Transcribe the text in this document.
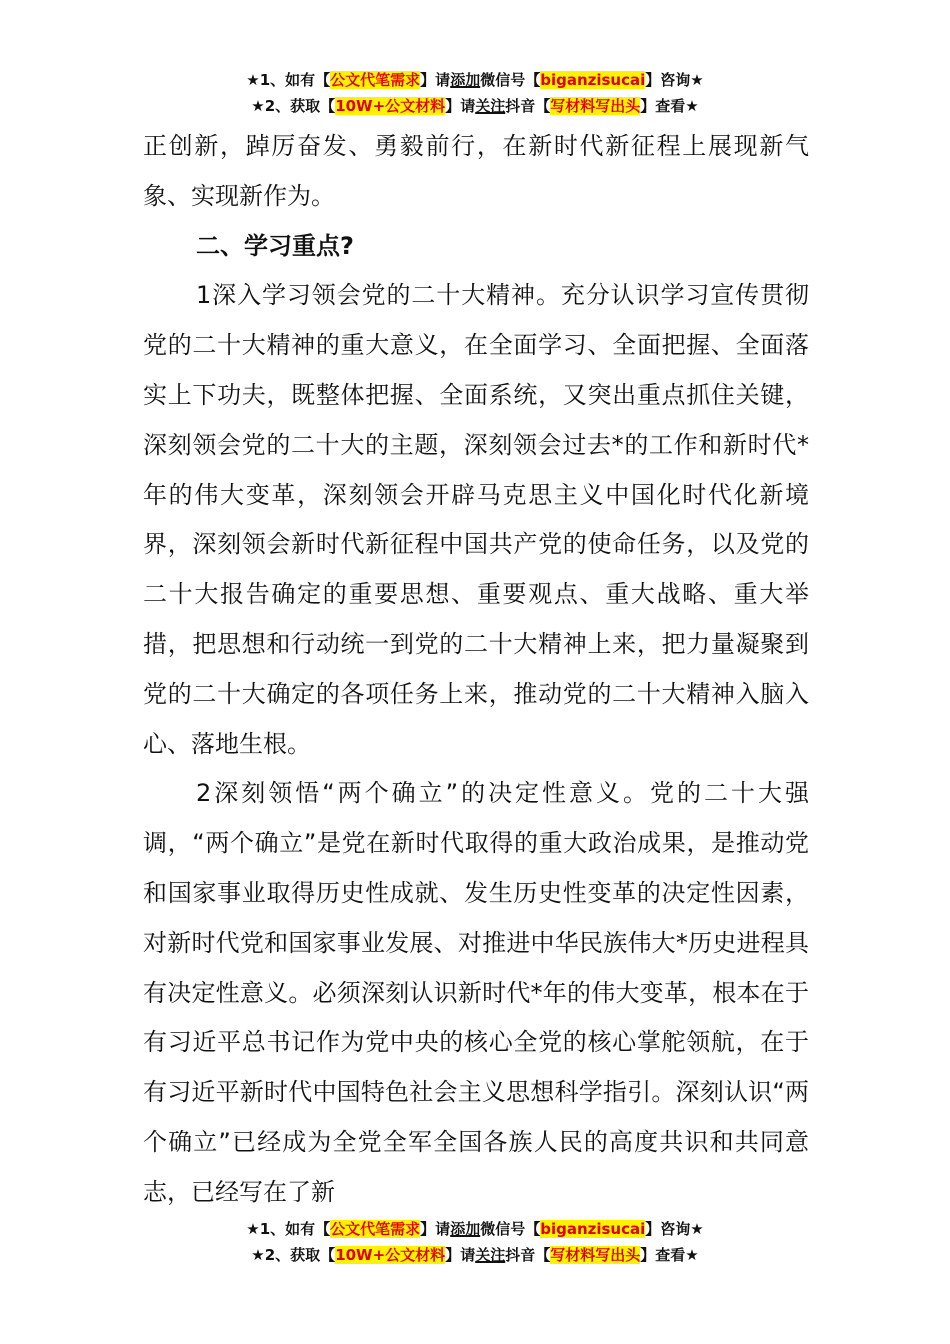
★1、如有【公文代笔需求】请添加微信号【biganzisucai】咨询★
★2、获取【10W+公文材料】请关注抖音【写材料写出头】查看★

正创新，踔厉奋发、勇毅前行，在新时代新征程上展现新气象、实现新作为。

二、学习重点?

1深入学习领会党的二十大精神。充分认识学习宣传贯彻党的二十大精神的重大意义，在全面学习、全面把握、全面落实上下功夫，既整体把握、全面系统，又突出重点抓住关键，深刻领会党的二十大的主题，深刻领会过去*的工作和新时代*年的伟大变革，深刻领会开辟马克思主义中国化时代化新境界，深刻领会新时代新征程中国共产党的使命任务，以及党的二十大报告确定的重要思想、重要观点、重大战略、重大举措，把思想和行动统一到党的二十大精神上来，把力量凝聚到党的二十大确定的各项任务上来，推动党的二十大精神入脑入心、落地生根。

2深刻领悟“两个确立”的决定性意义。党的二十大强调，“两个确立”是党在新时代取得的重大政治成果，是推动党和国家事业取得历史性成就、发生历史性变革的决定性因素，对新时代党和国家事业发展、对推进中华民族伟大*历史进程具有决定性意义。必须深刻认识新时代*年的伟大变革，根本在于有习近平总书记作为党中央的核心全党的核心掌舵领航，在于有习近平新时代中国特色社会主义思想科学指引。深刻认识“两个确立”已经成为全党全军全国各族人民的高度共识和共同意志，已经写在了新

★1、如有【公文代笔需求】请添加微信号【biganzisucai】咨询★
★2、获取【10W+公文材料】请关注抖音【写材料写出头】查看★
